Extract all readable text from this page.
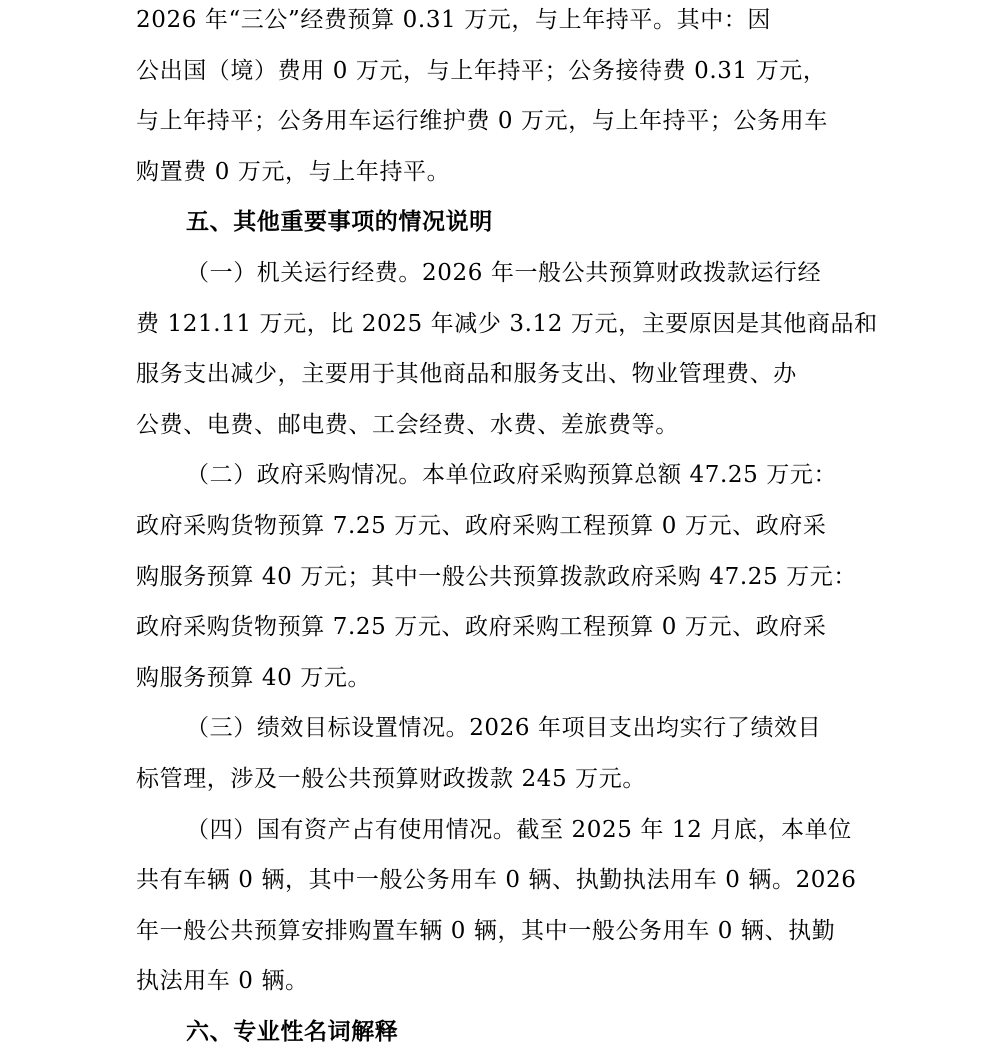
2026 年“三公”经费预算 0.31 万元，与上年持平。其中：因
公出国（境）费用 0 万元，与上年持平；公务接待费 0.31 万元，
与上年持平；公务用车运行维护费 0 万元，与上年持平；公务用车
购置费 0 万元，与上年持平。
五、其他重要事项的情况说明
（一）机关运行经费。2026 年一般公共预算财政拨款运行经
费 121.11 万元，比 2025 年减少 3.12 万元，主要原因是其他商品和
服务支出减少，主要用于其他商品和服务支出、物业管理费、办
公费、电费、邮电费、工会经费、水费、差旅费等。
（二）政府采购情况。本单位政府采购预算总额 47.25 万元：
政府采购货物预算 7.25 万元、政府采购工程预算 0 万元、政府采
购服务预算 40 万元；其中一般公共预算拨款政府采购 47.25 万元：
政府采购货物预算 7.25 万元、政府采购工程预算 0 万元、政府采
购服务预算 40 万元。
（三）绩效目标设置情况。2026 年项目支出均实行了绩效目
标管理，涉及一般公共预算财政拨款 245 万元。
（四）国有资产占有使用情况。截至 2025 年 12 月底，本单位
共有车辆 0 辆，其中一般公务用车 0 辆、执勤执法用车 0 辆。2026
年一般公共预算安排购置车辆 0 辆，其中一般公务用车 0 辆、执勤
执法用车 0 辆。
六、专业性名词解释
